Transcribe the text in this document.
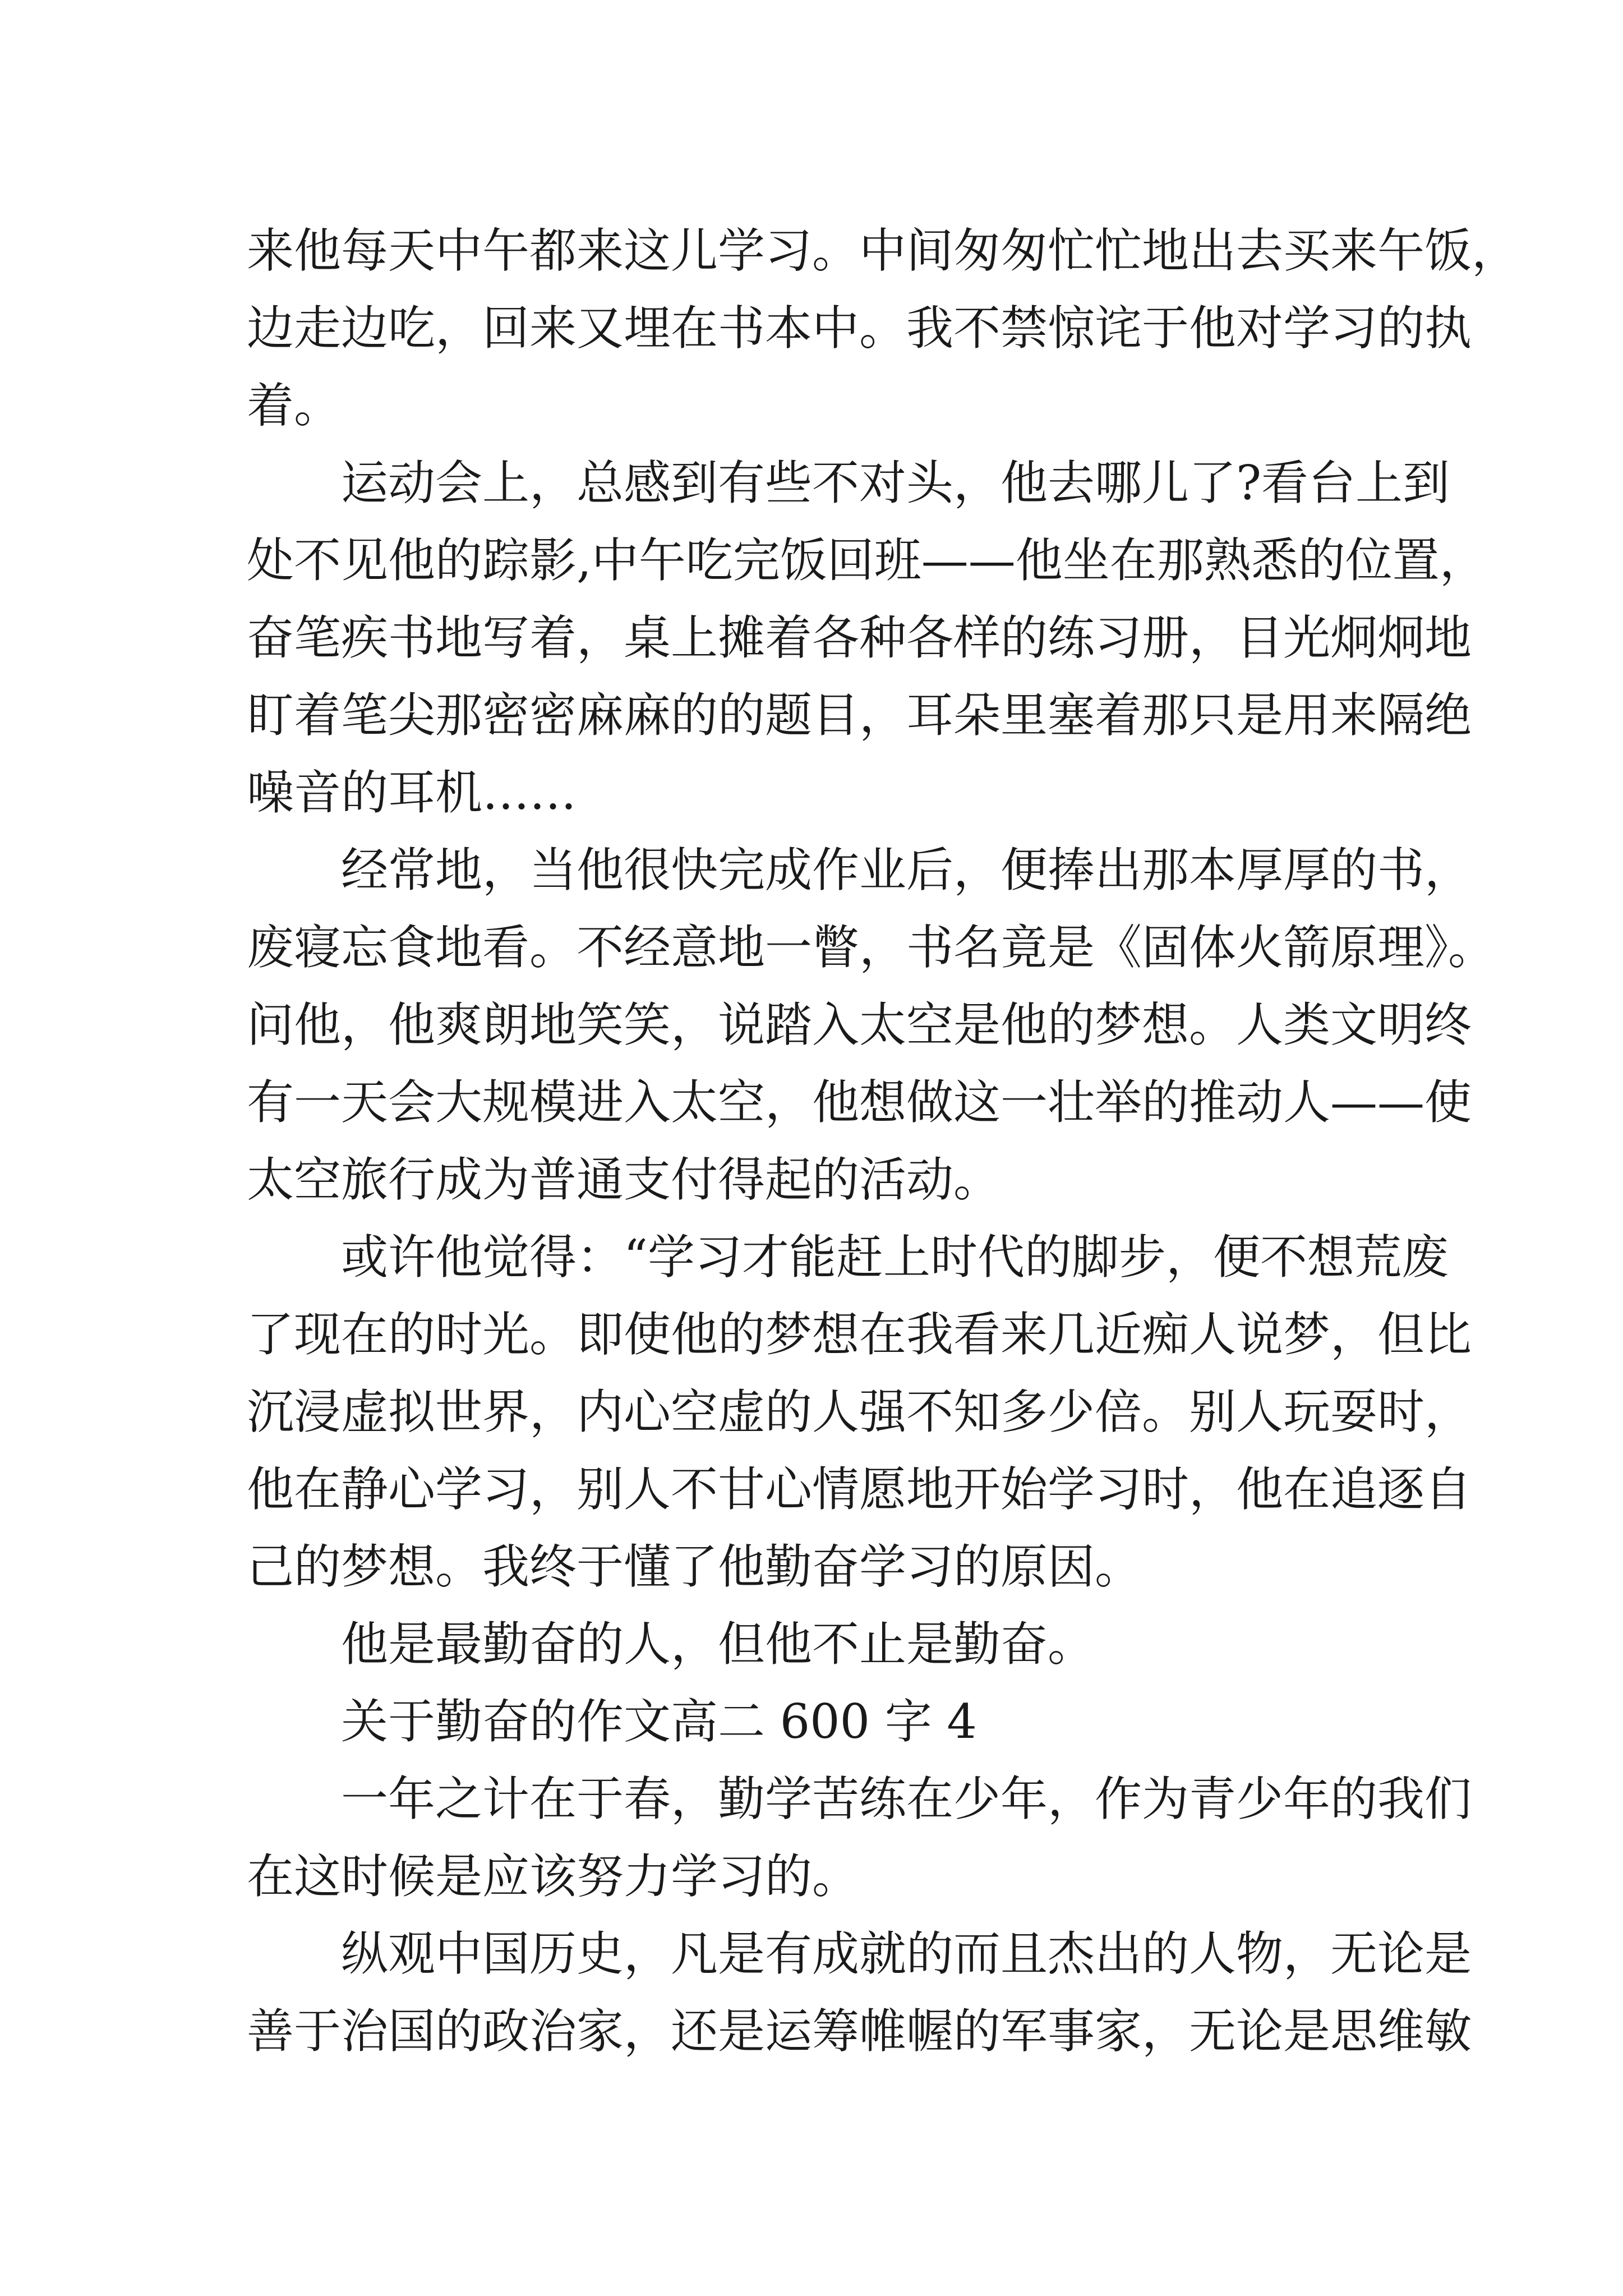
来他每天中午都来这儿学习。中间匆匆忙忙地出去买来午饭，
边走边吃，回来又埋在书本中。我不禁惊诧于他对学习的执
着。
运动会上，总感到有些不对头，他去哪儿了?看台上到
处不见他的踪影,中午吃完饭回班——他坐在那熟悉的位置，
奋笔疾书地写着，桌上摊着各种各样的练习册，目光炯炯地
盯着笔尖那密密麻麻的的题目，耳朵里塞着那只是用来隔绝
噪音的耳机……
经常地，当他很快完成作业后，便捧出那本厚厚的书，
废寝忘食地看。不经意地一瞥，书名竟是《固体火箭原理》。
问他，他爽朗地笑笑，说踏入太空是他的梦想。人类文明终
有一天会大规模进入太空，他想做这一壮举的推动人——使
太空旅行成为普通支付得起的活动。
或许他觉得：“学习才能赶上时代的脚步，便不想荒废
了现在的时光。即使他的梦想在我看来几近痴人说梦，但比
沉浸虚拟世界，内心空虚的人强不知多少倍。别人玩耍时，
他在静心学习，别人不甘心情愿地开始学习时，他在追逐自
己的梦想。我终于懂了他勤奋学习的原因。
他是最勤奋的人，但他不止是勤奋。
关于勤奋的作文高二 600 字 4
一年之计在于春，勤学苦练在少年，作为青少年的我们
在这时候是应该努力学习的。
纵观中国历史，凡是有成就的而且杰出的人物，无论是
善于治国的政治家，还是运筹帷幄的军事家，无论是思维敏
